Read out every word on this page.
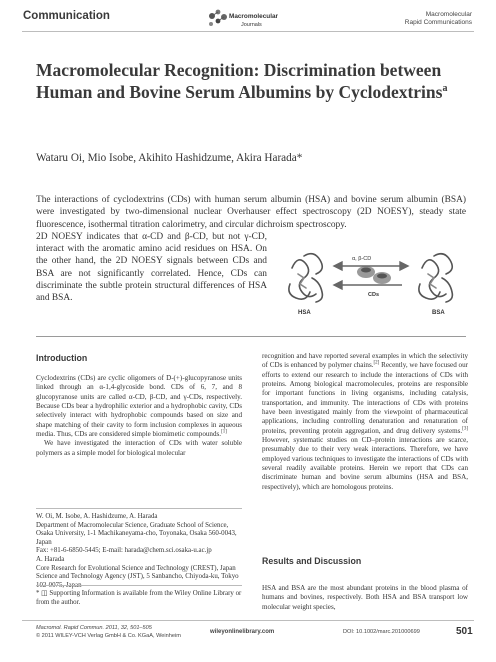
Communication	Macromolecular
Journals
Macromolecular
Rapid Communications
Macromolecular Recognition: Discrimination between Human and Bovine Serum Albumins by Cyclodextrins$^a$
Wataru Oi, Mio Isobe, Akihito Hashidzume, Akira Harada*
The interactions of cyclodextrins (CDs) with human serum albumin (HSA) and bovine serum albumin (BSA) were investigated by two-dimensional nuclear Overhauser effect spectroscopy (2D NOESY), steady state fluorescence, isothermal titration calorimetry, and circular dichroism spectroscopy.
2D NOESY indicates that α-CD and β-CD, but not γ-CD, interact with the aromatic amino acid residues on HSA. On the other hand, the 2D NOESY signals between CDs and BSA are not significantly correlated. Hence, CDs can discriminate the subtle protein structural differences of HSA and BSA.
α, β-CD
CDs
HSA	BSA
Introduction

Cyclodextrins (CDs) are cyclic oligomers of D-(+)-glucopyranose units linked through an α-1,4-glycoside bond. CDs of 6, 7, and 8 glucopyranose units are called α-CD, β-CD, and γ-CDs, respectively. Because CDs bear a hydrophilic exterior and a hydrophobic cavity, CDs selectively interact with hydrophobic compounds based on size and shape matching of their cavity to form inclusion complexes in aqueous media. Thus, CDs are considered simple biomimetic compounds.[1]

We have investigated the interaction of CDs with water soluble polymers as a simple model for biological molecular

W. Oi, M. Isobe, A. Hashidzume, A. Harada
Department of Macromolecular Science, Graduate School of Science, Osaka University, 1-1 Machikaneyama-cho, Toyonaka, Osaka 560-0043, Japan
Fax: +81-6-6850-5445; E-mail: harada@chem.sci.osaka-u.ac.jp
A. Harada
Core Research for Evolutional Science and Technology (CREST), Japan Science and Technology Agency (JST), 5 Sanbancho, Chiyoda-ku, Tokyo 102-0075, Japan
* ◫ Supporting Information is available from the Wiley Online Library or from the author.

recognition and have reported several examples in which the selectivity of CDs is enhanced by polymer chains.[2] Recently, we have focused our efforts to extend our research to include the interactions of CDs with proteins. Among biological macromolecules, proteins are responsible for important functions in living organisms, including catalysis, transportation, and immunity. The interactions of CDs with proteins have been investigated mainly from the viewpoint of pharmaceutical applications, including controlling denaturation and renaturation of proteins, preventing protein aggregation, and drug delivery systems.[3] However, systematic studies on CD–protein interactions are scarce, presumably due to their very weak interactions. Therefore, we have employed various techniques to investigate the interactions of CDs with several readily available proteins. Herein we report that CDs can discriminate human and bovine serum albumins (HSA and BSA, respectively), which are homologous proteins.

Results and Discussion

HSA and BSA are the most abundant proteins in the blood plasma of humans and bovines, respectively. Both HSA and BSA transport low molecular weight species,

Macromol. Rapid Commun. 2011, 32, 501–505
© 2011 WILEY-VCH Verlag GmbH & Co. KGaA, Weinheim
wileyonlinelibrary.com	DOI: 10.1002/marc.201000699	501
